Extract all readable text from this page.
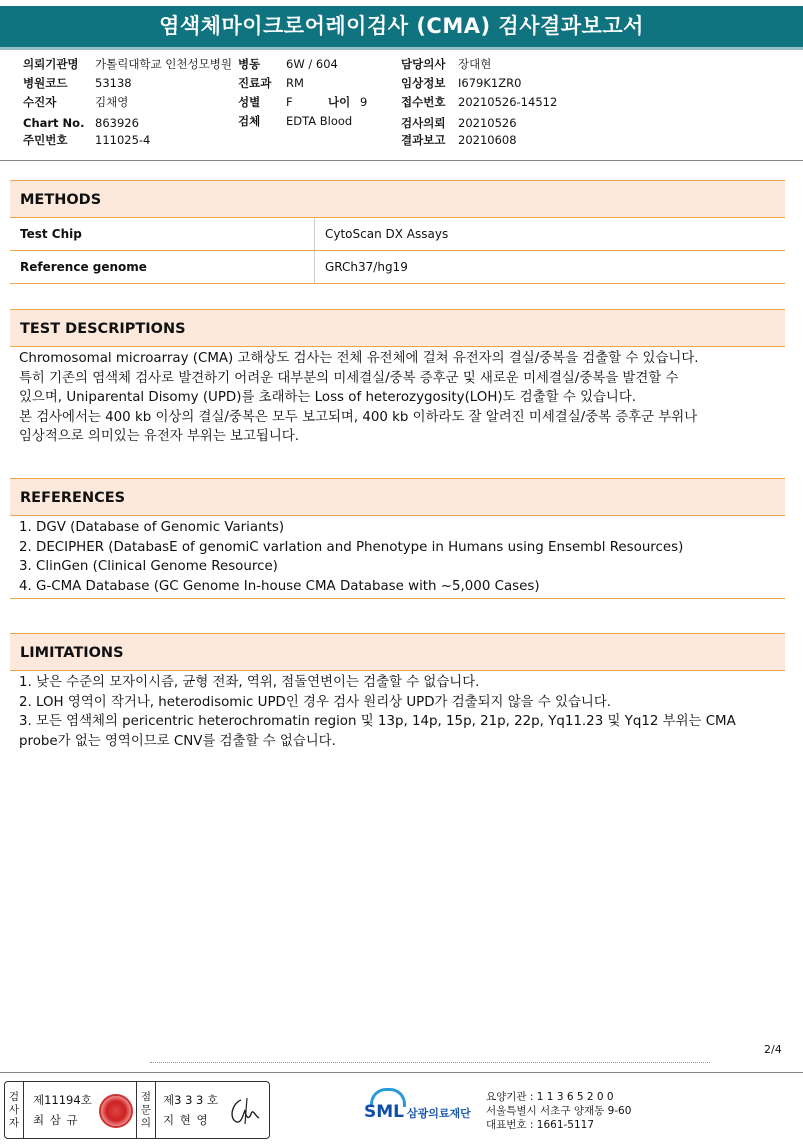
염색체마이크로어레이검사 (CMA) 검사결과보고서
의뢰기관명 가톨릭대학교 인천성모병원
병원코드 53138
수진자	김채영
Chart No. 863926
주민번호 111025-4
병동 6W / 604
진료과 RM
성별 F	나이 9
검체 EDTA Blood
담당의사 장대현
임상정보 I679K1ZR0
접수번호 20210526-14512
검사의뢰 20210526
결과보고 20210608
METHODS
Test Chip	CytoScan DX Assays
Reference genome	GRCh37/hg19
TEST DESCRIPTIONS
Chromosomal microarray (CMA) 고해상도 검사는 전체 유전체에 걸쳐 유전자의 결실/중복을 검출할 수 있습니다.
특히 기존의 염색체 검사로 발견하기 어려운 대부분의 미세결실/중복 증후군 및 새로운 미세결실/중복을 발견할 수
있으며, Uniparental Disomy (UPD)를 초래하는 Loss of heterozygosity(LOH)도 검출할 수 있습니다.
본 검사에서는 400 kb 이상의 결실/중복은 모두 보고되며, 400 kb 이하라도 잘 알려진 미세결실/중복 증후군 부위나
임상적으로 의미있는 유전자 부위는 보고됩니다.
REFERENCES
1. DGV (Database of Genomic Variants)
2. DECIPHER (DatabasE of genomiC varIation and Phenotype in Humans using Ensembl Resources)
3. ClinGen (Clinical Genome Resource)
4. G-CMA Database (GC Genome In-house CMA Database with ~5,000 Cases)
LIMITATIONS
1. 낮은 수준의 모자이시즘, 균형 전좌, 역위, 점돌연변이는 검출할 수 없습니다.
2. LOH 영역이 작거나, heterodisomic UPD인 경우 검사 원리상 UPD가 검출되지 않을 수 있습니다.
3. 모든 염색체의 pericentric heterochromatin region 및 13p, 14p, 15p, 21p, 22p, Yq11.23 및 Yq12 부위는 CMA
probe가 없는 영역이므로 CNV를 검출할 수 없습니다.
2/4
검
사
자
제11194호
최 삼 규
점
문
의
제3 3 3 호
지 현 영	SML 삼광의료재단
요양기관 : 1 1 3 6 5 2 0 0
서울특별시 서초구 양재동 9-60
대표번호 : 1661-5117
